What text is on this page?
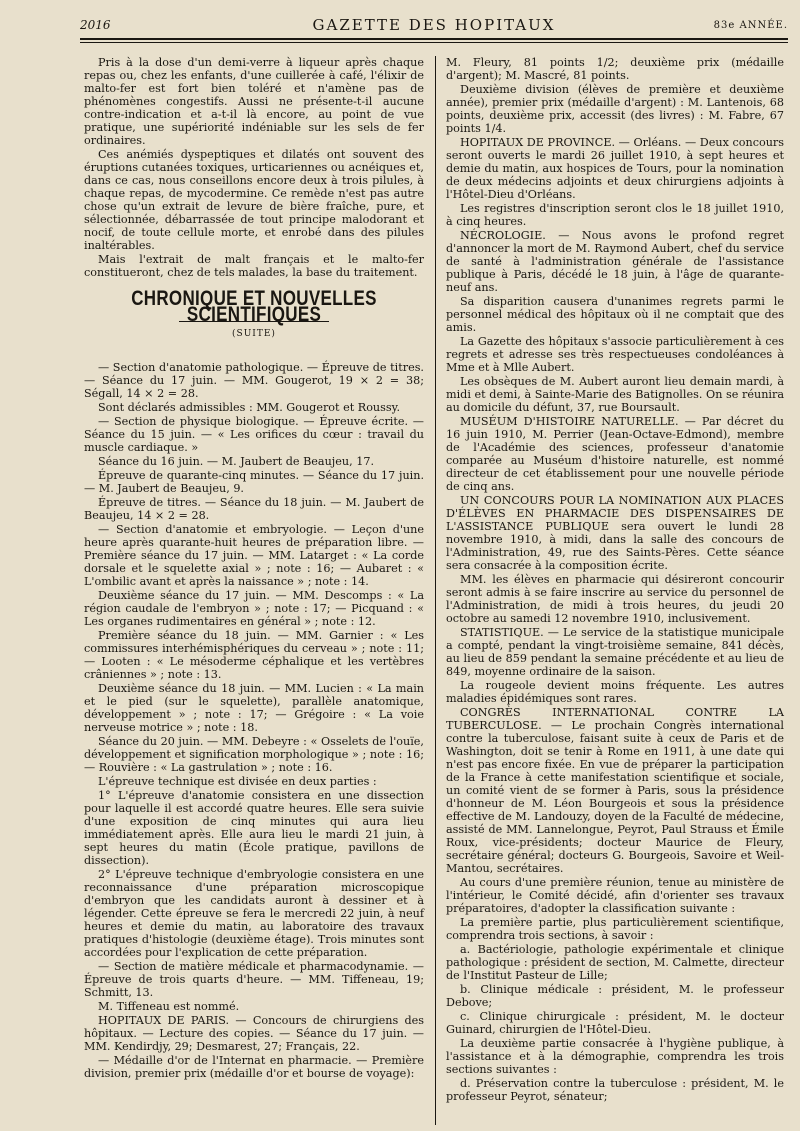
2016	GAZETTE DES HOPITAUX	83e ANNÉE.

Pris à la dose d'un demi-verre à liqueur après chaque repas ou, chez les enfants, d'une cuillerée à café, l'élixir de malto-fer est fort bien toléré et n'amène pas de phénomènes congestifs. Aussi ne présente-t-il aucune contre-indication et a-t-il là encore, au point de vue pratique, une supériorité indéniable sur les sels de fer ordinaires.

Ces anémiés dyspeptiques et dilatés ont souvent des éruptions cutanées toxiques, urticariennes ou acnéiques et, dans ce cas, nous conseillons encore deux à trois pilules, à chaque repas, de mycodermine. Ce remède n'est pas autre chose qu'un extrait de levure de bière fraîche, pure, et sélectionnée, débarrassée de tout principe malodorant et nocif, de toute cellule morte, et enrobé dans des pilules inaltérables.

Mais l'extrait de malt français et le malto-fer constitueront, chez de tels malades, la base du traitement.

CHRONIQUE ET NOUVELLES SCIENTIFIQUES
(SUITE)

— Section d'anatomie pathologique. — Épreuve de titres. — Séance du 17 juin. — MM. Gougerot, 19 × 2 = 38; Ségall, 14 × 2 = 28.

Sont déclarés admissibles : MM. Gougerot et Roussy.

— Section de physique biologique. — Épreuve écrite. — Séance du 15 juin. — « Les orifices du cœur : travail du muscle cardiaque. »

Séance du 16 juin. — M. Jaubert de Beaujeu, 17.

Épreuve de quarante-cinq minutes. — Séance du 17 juin. — M. Jaubert de Beaujeu, 9.

Épreuve de titres. — Séance du 18 juin. — M. Jaubert de Beaujeu, 14 × 2 = 28.

— Section d'anatomie et embryologie. — Leçon d'une heure après quarante-huit heures de préparation libre. — Première séance du 17 juin. — MM. Latarget : « La corde dorsale et le squelette axial » ; note : 16; — Aubaret : « L'ombilic avant et après la naissance » ; note : 14.

Deuxième séance du 17 juin. — MM. Descomps : « La région caudale de l'embryon » ; note : 17; — Picquand : « Les organes rudimentaires en général » ; note : 12.

Première séance du 18 juin. — MM. Garnier : « Les commissures interhémisphériques du cerveau » ; note : 11; — Looten : « Le mésoderme céphalique et les vertèbres crâniennes » ; note : 13.

Deuxième séance du 18 juin. — MM. Lucien : « La main et le pied (sur le squelette), parallèle anatomique, développement » ; note : 17; — Grégoire : « La voie nerveuse motrice » ; note : 18.

Séance du 20 juin. — MM. Debeyre : « Osselets de l'ouïe, développement et signification morphologique » ; note : 16; — Rouvière : « La gastrulation » ; note : 16.

L'épreuve technique est divisée en deux parties :

1° L'épreuve d'anatomie consistera en une dissection pour laquelle il est accordé quatre heures. Elle sera suivie d'une exposition de cinq minutes qui aura lieu immédiatement après. Elle aura lieu le mardi 21 juin, à sept heures du matin (École pratique, pavillons de dissection).

2° L'épreuve technique d'embryologie consistera en une reconnaissance d'une préparation microscopique d'embryon que les candidats auront à dessiner et à légender. Cette épreuve se fera le mercredi 22 juin, à neuf heures et demie du matin, au laboratoire des travaux pratiques d'histologie (deuxième étage). Trois minutes sont accordées pour l'explication de cette préparation.

— Section de matière médicale et pharmacodynamie. — Épreuve de trois quarts d'heure. — MM. Tiffeneau, 19; Schmitt, 13.

M. Tiffeneau est nommé.

HOPITAUX DE PARIS. — Concours de chirurgiens des hôpitaux. — Lecture des copies. — Séance du 17 juin. — MM. Kendirdjy, 29; Desmarest, 27; Français, 22.

— Médaille d'or de l'Internat en pharmacie. — Première division, premier prix (médaille d'or et bourse de voyage):

M. Fleury, 81 points 1/2; deuxième prix (médaille d'argent); M. Mascré, 81 points.

Deuxième division (élèves de première et deuxième année), premier prix (médaille d'argent) : M. Lantenois, 68 points, deuxième prix, accessit (des livres) : M. Fabre, 67 points 1/4.

HOPITAUX DE PROVINCE. — Orléans. — Deux concours seront ouverts le mardi 26 juillet 1910, à sept heures et demie du matin, aux hospices de Tours, pour la nomination de deux médecins adjoints et deux chirurgiens adjoints à l'Hôtel-Dieu d'Orléans.

Les registres d'inscription seront clos le 18 juillet 1910, à cinq heures.

NÉCROLOGIE. — Nous avons le profond regret d'annoncer la mort de M. Raymond Aubert, chef du service de santé à l'administration générale de l'assistance publique à Paris, décédé le 18 juin, à l'âge de quarante-neuf ans.

Sa disparition causera d'unanimes regrets parmi le personnel médical des hôpitaux où il ne comptait que des amis.

La Gazette des hôpitaux s'associe particulièrement à ces regrets et adresse ses très respectueuses condoléances à Mme et à Mlle Aubert.

Les obsèques de M. Aubert auront lieu demain mardi, à midi et demi, à Sainte-Marie des Batignolles. On se réunira au domicile du défunt, 37, rue Boursault.

MUSÉUM D'HISTOIRE NATURELLE. — Par décret du 16 juin 1910, M. Perrier (Jean-Octave-Edmond), membre de l'Académie des sciences, professeur d'anatomie comparée au Muséum d'histoire naturelle, est nommé directeur de cet établissement pour une nouvelle période de cinq ans.

UN CONCOURS POUR LA NOMINATION AUX PLACES D'ÉLÈVES EN PHARMACIE DES DISPENSAIRES DE L'ASSISTANCE PUBLIQUE sera ouvert le lundi 28 novembre 1910, à midi, dans la salle des concours de l'Administration, 49, rue des Saints-Pères. Cette séance sera consacrée à la composition écrite.

MM. les élèves en pharmacie qui désireront concourir seront admis à se faire inscrire au service du personnel de l'Administration, de midi à trois heures, du jeudi 20 octobre au samedi 12 novembre 1910, inclusivement.

STATISTIQUE. — Le service de la statistique municipale a compté, pendant la vingt-troisième semaine, 841 décès, au lieu de 859 pendant la semaine précédente et au lieu de 849, moyenne ordinaire de la saison.

La rougeole devient moins fréquente. Les autres maladies épidémiques sont rares.

CONGRÈS INTERNATIONAL CONTRE LA TUBERCULOSE. — Le prochain Congrès international contre la tuberculose, faisant suite à ceux de Paris et de Washington, doit se tenir à Rome en 1911, à une date qui n'est pas encore fixée. En vue de préparer la participation de la France à cette manifestation scientifique et sociale, un comité vient de se former à Paris, sous la présidence d'honneur de M. Léon Bourgeois et sous la présidence effective de M. Landouzy, doyen de la Faculté de médecine, assisté de MM. Lannelongue, Peyrot, Paul Strauss et Émile Roux, vice-présidents; docteur Maurice de Fleury, secrétaire général; docteurs G. Bourgeois, Savoire et Weil-Mantou, secrétaires.

Au cours d'une première réunion, tenue au ministère de l'intérieur, le Comité décidé, afin d'orienter ses travaux préparatoires, d'adopter la classification suivante :

La première partie, plus particulièrement scientifique, comprendra trois sections, à savoir :

a. Bactériologie, pathologie expérimentale et clinique pathologique : président de section, M. Calmette, directeur de l'Institut Pasteur de Lille;

b. Clinique médicale : président, M. le professeur Debove;

c. Clinique chirurgicale : président, M. le docteur Guinard, chirurgien de l'Hôtel-Dieu.

La deuxième partie consacrée à l'hygiène publique, à l'assistance et à la démographie, comprendra les trois sections suivantes :

d. Préservation contre la tuberculose : président, M. le professeur Peyrot, sénateur;
